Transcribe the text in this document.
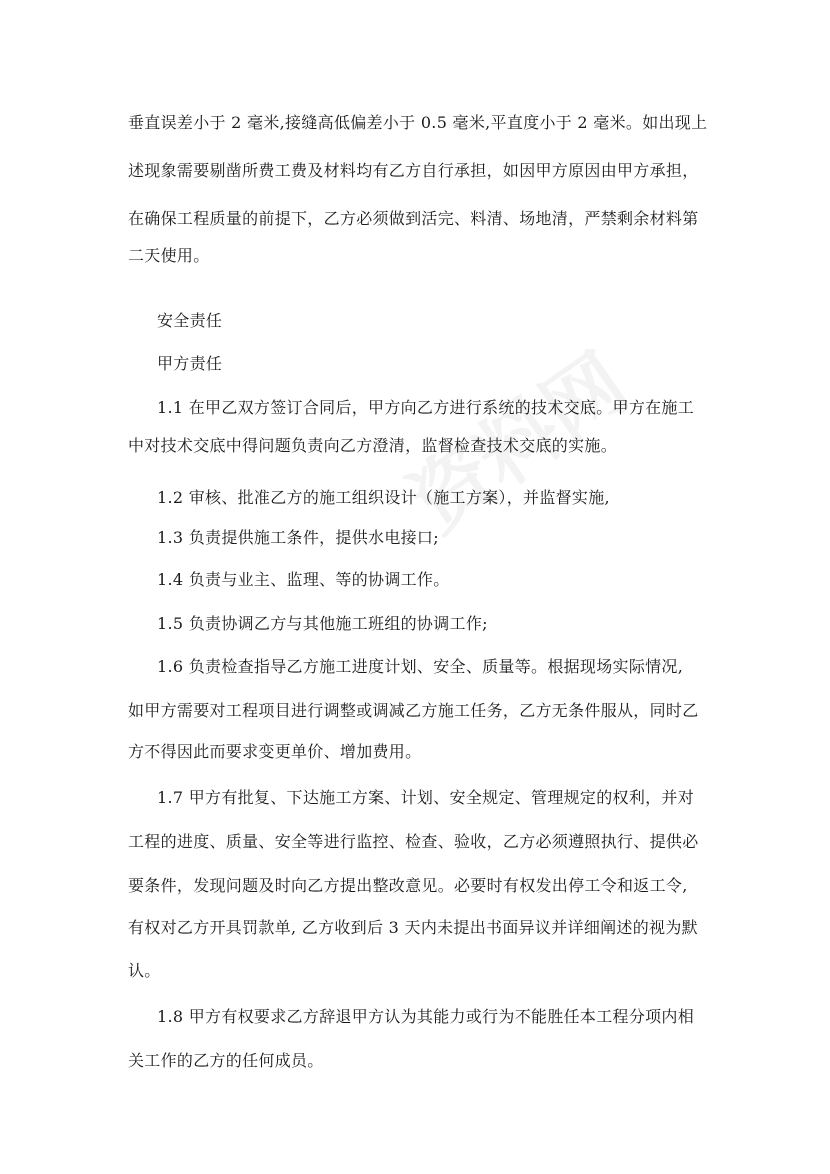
垂直误差小于 2 毫米,接缝高低偏差小于 0.5 毫米,平直度小于 2 毫米。如出现上
述现象需要剔凿所费工费及材料均有乙方自行承担，如因甲方原因由甲方承担，
在确保工程质量的前提下，乙方必须做到活完、料清、场地清，严禁剩余材料第
二天使用。
安全责任
甲方责任
1.1 在甲乙双方签订合同后，甲方向乙方进行系统的技术交底。甲方在施工
中对技术交底中得问题负责向乙方澄清，监督检查技术交底的实施。
1.2 审核、批准乙方的施工组织设计（施工方案），并监督实施,
1.3 负责提供施工条件，提供水电接口;
1.4 负责与业主、监理、等的协调工作。
1.5 负责协调乙方与其他施工班组的协调工作;
1.6 负责检查指导乙方施工进度计划、安全、质量等。根据现场实际情况,
如甲方需要对工程项目进行调整或调减乙方施工任务，乙方无条件服从，同时乙
方不得因此而要求变更单价、增加费用。
1.7 甲方有批复、下达施工方案、计划、安全规定、管理规定的权利，并对
工程的进度、质量、安全等进行监控、检查、验收，乙方必须遵照执行、提供必
要条件，发现问题及时向乙方提出整改意见。必要时有权发出停工令和返工令,
有权对乙方开具罚款单, 乙方收到后 3 天内未提出书面异议并详细阐述的视为默
认。
1.8 甲方有权要求乙方辞退甲方认为其能力或行为不能胜任本工程分项内相
关工作的乙方的任何成员。
